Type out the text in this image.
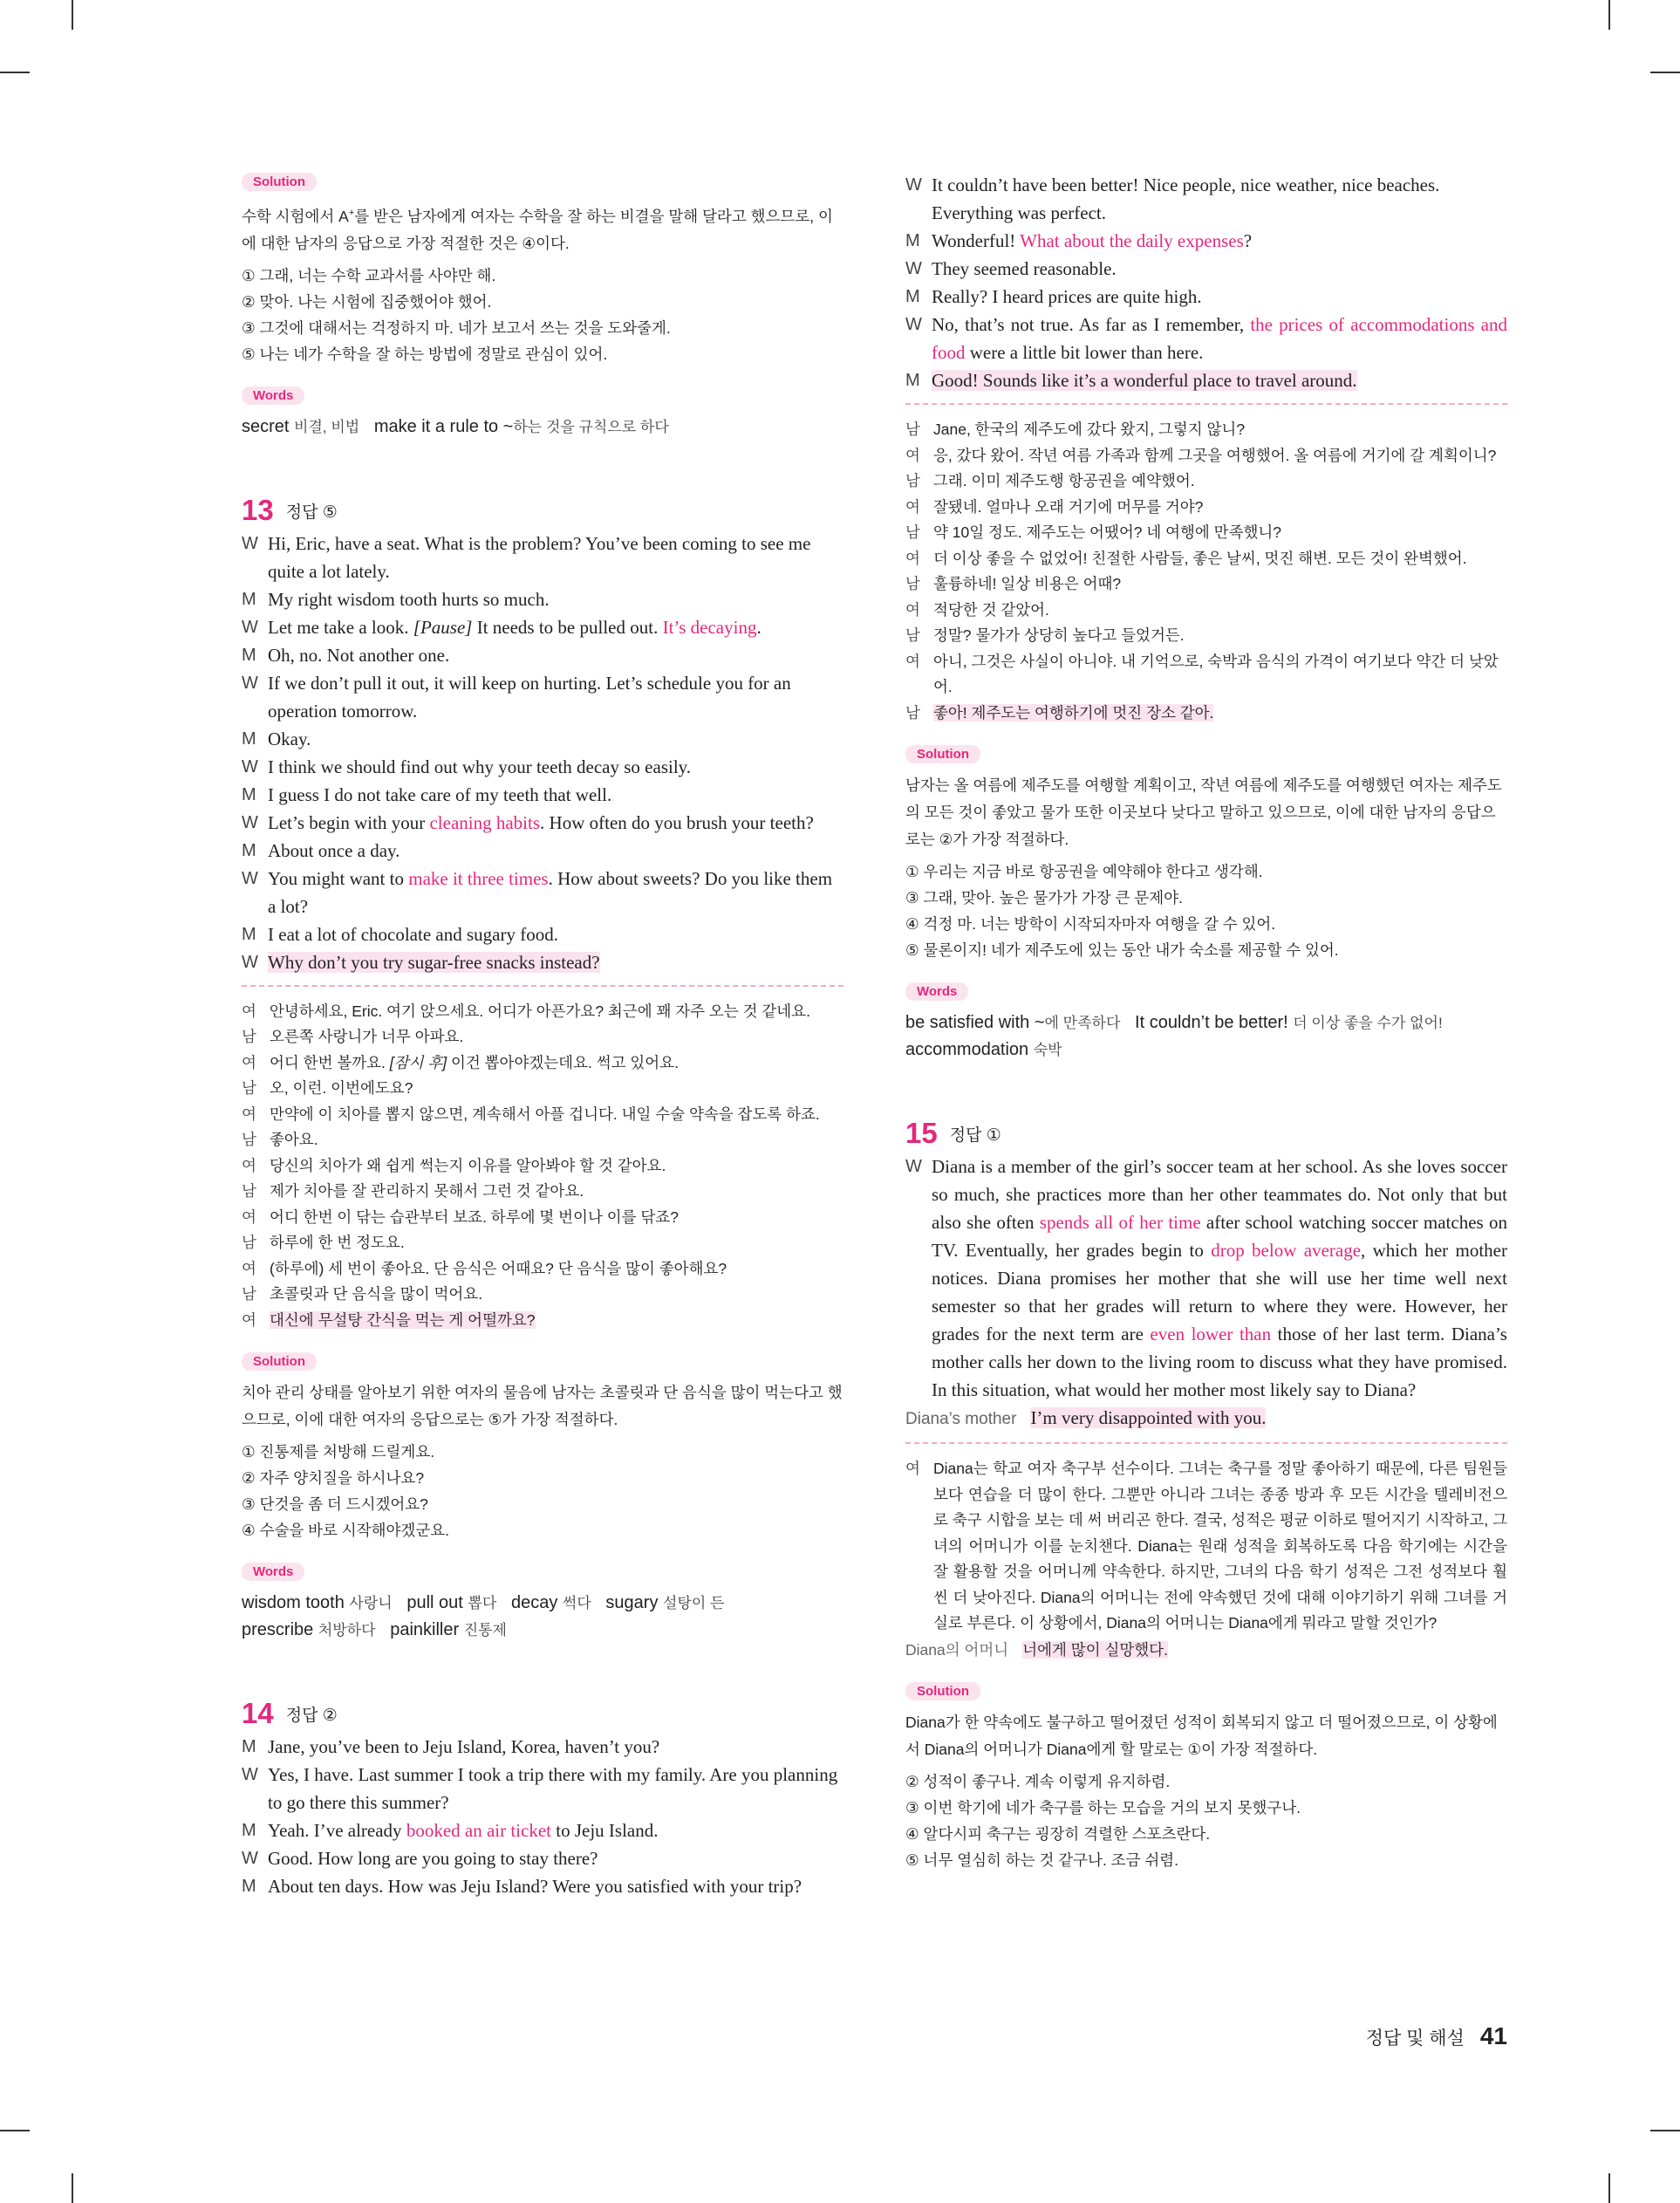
Solution

수학 시험에서 A+를 받은 남자에게 여자는 수학을 잘 하는 비결을 말해 달라고 했으므로, 이에 대한 남자의 응답으로 가장 적절한 것은 ④이다.

① 그래, 너는 수학 교과서를 사야만 해.

② 맞아. 나는 시험에 집중했어야 했어.

③ 그것에 대해서는 걱정하지 마. 네가 보고서 쓰는 것을 도와줄게.

⑤ 나는 네가 수학을 잘 하는 방법에 정말로 관심이 있어.

Words

secret 비결, 비법 make it a rule to ~하는 것을 규칙으로 하다

13 정답 ⑤

W Hi, Eric, have a seat. What is the problem? You’ve been coming to see me quite a lot lately.

M My right wisdom tooth hurts so much.

W Let me take a look. [Pause] It needs to be pulled out. It’s decaying.

M Oh, no. Not another one.

W If we don’t pull it out, it will keep on hurting. Let’s schedule you for an operation tomorrow.

M Okay.

W I think we should find out why your teeth decay so easily.

M I guess I do not take care of my teeth that well.

W Let’s begin with your cleaning habits. How often do you brush your teeth?

M About once a day.

W You might want to make it three times. How about sweets? Do you like them a lot?

M I eat a lot of chocolate and sugary food.

W Why don’t you try sugar-free snacks instead?

여 안녕하세요, Eric. 여기 앉으세요. 어디가 아픈가요? 최근에 꽤 자주 오는 것 같네요.

남 오른쪽 사랑니가 너무 아파요.

여 어디 한번 볼까요. [잠시 후] 이건 뽑아야겠는데요. 썩고 있어요.

남 오, 이런. 이번에도요?

여 만약에 이 치아를 뽑지 않으면, 계속해서 아플 겁니다. 내일 수술 약속을 잡도록 하죠.

남 좋아요.

여 당신의 치아가 왜 쉽게 썩는지 이유를 알아봐야 할 것 같아요.

남 제가 치아를 잘 관리하지 못해서 그런 것 같아요.

여 어디 한번 이 닦는 습관부터 보죠. 하루에 몇 번이나 이를 닦죠?

남 하루에 한 번 정도요.

여 (하루에) 세 번이 좋아요. 단 음식은 어때요? 단 음식을 많이 좋아해요?

남 초콜릿과 단 음식을 많이 먹어요.

여 대신에 무설탕 간식을 먹는 게 어떨까요?

Solution

치아 관리 상태를 알아보기 위한 여자의 물음에 남자는 초콜릿과 단 음식을 많이 먹는다고 했으므로, 이에 대한 여자의 응답으로는 ⑤가 가장 적절하다.

① 진통제를 처방해 드릴게요.

② 자주 양치질을 하시나요?

③ 단것을 좀 더 드시겠어요?

④ 수술을 바로 시작해야겠군요.

Words

wisdom tooth 사랑니 pull out 뽑다 decay 썩다 sugary 설탕이 든
prescribe 처방하다 painkiller 진통제

14 정답 ②

M Jane, you’ve been to Jeju Island, Korea, haven’t you?

W Yes, I have. Last summer I took a trip there with my family. Are you planning to go there this summer?

M Yeah. I’ve already booked an air ticket to Jeju Island.

W Good. How long are you going to stay there?

M About ten days. How was Jeju Island? Were you satisfied with your trip?

W It couldn’t have been better! Nice people, nice weather, nice beaches. Everything was perfect.

M Wonderful! What about the daily expenses?

W They seemed reasonable.

M Really? I heard prices are quite high.

W No, that’s not true. As far as I remember, the prices of accommodations and food were a little bit lower than here.

M Good! Sounds like it’s a wonderful place to travel around.

남 Jane, 한국의 제주도에 갔다 왔지, 그렇지 않니?

여 응, 갔다 왔어. 작년 여름 가족과 함께 그곳을 여행했어. 올 여름에 거기에 갈 계획이니?

남 그래. 이미 제주도행 항공권을 예약했어.

여 잘됐네. 얼마나 오래 거기에 머무를 거야?

남 약 10일 정도. 제주도는 어땠어? 네 여행에 만족했니?

여 더 이상 좋을 수 없었어! 친절한 사람들, 좋은 날씨, 멋진 해변. 모든 것이 완벽했어.

남 훌륭하네! 일상 비용은 어때?

여 적당한 것 같았어.

남 정말? 물가가 상당히 높다고 들었거든.

여 아니, 그것은 사실이 아니야. 내 기억으로, 숙박과 음식의 가격이 여기보다 약간 더 낮았어.

남 좋아! 제주도는 여행하기에 멋진 장소 같아.

Solution

남자는 올 여름에 제주도를 여행할 계획이고, 작년 여름에 제주도를 여행했던 여자는 제주도의 모든 것이 좋았고 물가 또한 이곳보다 낮다고 말하고 있으므로, 이에 대한 남자의 응답으로는 ②가 가장 적절하다.

① 우리는 지금 바로 항공권을 예약해야 한다고 생각해.

③ 그래, 맞아. 높은 물가가 가장 큰 문제야.

④ 걱정 마. 너는 방학이 시작되자마자 여행을 갈 수 있어.

⑤ 물론이지! 네가 제주도에 있는 동안 내가 숙소를 제공할 수 있어.

Words

be satisfied with ~에 만족하다 It couldn’t be better! 더 이상 좋을 수가 없어!
accommodation 숙박

15 정답 ①
W Diana is a member of the girl’s soccer team at her school. As she loves soccer so much, she practices more than her other teammates do. Not only that but also she often spends all of her time after school watching soccer matches on TV. Eventually, her grades begin to drop below average, which her mother notices. Diana promises her mother that she will use her time well next semester so that her grades will return to where they were. However, her grades for the next term are even lower than those of her last term. Diana’s mother calls her down to the living room to discuss what they have promised. In this situation, what would her mother most likely say to Diana?

Diana’s mother I’m very disappointed with you.

여 Diana는 학교 여자 축구부 선수이다. 그녀는 축구를 정말 좋아하기 때문에, 다른 팀원들보다 연습을 더 많이 한다. 그뿐만 아니라 그녀는 종종 방과 후 모든 시간을 텔레비전으로 축구 시합을 보는 데 써 버리곤 한다. 결국, 성적은 평균 이하로 떨어지기 시작하고, 그녀의 어머니가 이를 눈치챈다. Diana는 원래 성적을 회복하도록 다음 학기에는 시간을 잘 활용할 것을 어머니께 약속한다. 하지만, 그녀의 다음 학기 성적은 그전 성적보다 훨씬 더 낮아진다. Diana의 어머니는 전에 약속했던 것에 대해 이야기하기 위해 그녀를 거실로 부른다. 이 상황에서, Diana의 어머니는 Diana에게 뭐라고 말할 것인가?

Diana의 어머니 너에게 많이 실망했다.

Solution

Diana가 한 약속에도 불구하고 떨어졌던 성적이 회복되지 않고 더 떨어졌으므로, 이 상황에서 Diana의 어머니가 Diana에게 할 말로는 ①이 가장 적절하다.

② 성적이 좋구나. 계속 이렇게 유지하렴.

③ 이번 학기에 네가 축구를 하는 모습을 거의 보지 못했구나.

④ 알다시피 축구는 굉장히 격렬한 스포츠란다.

⑤ 너무 열심히 하는 것 같구나. 조금 쉬렴.

정답 및 해설 41
